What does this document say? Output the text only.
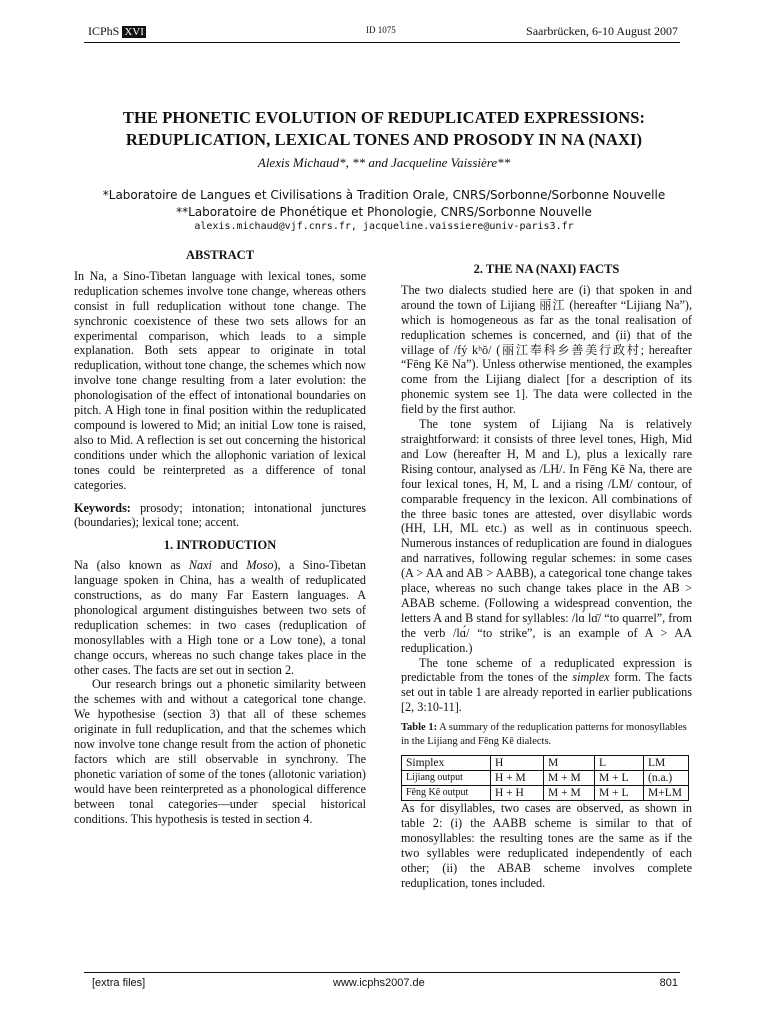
ICPhS XVI	ID 1075	Saarbrücken, 6-10 August 2007
THE PHONETIC EVOLUTION OF REDUPLICATED EXPRESSIONS:
REDUPLICATION, LEXICAL TONES AND PROSODY IN NA (NAXI)
Alexis Michaud*, ** and Jacqueline Vaissière**
*Laboratoire de Langues et Civilisations à Tradition Orale, CNRS/Sorbonne/Sorbonne Nouvelle
**Laboratoire de Phonétique et Phonologie, CNRS/Sorbonne Nouvelle
alexis.michaud@vjf.cnrs.fr, jacqueline.vaissiere@univ-paris3.fr

ABSTRACT

In Na, a Sino-Tibetan language with lexical tones, some reduplication schemes involve tone change, whereas others consist in full reduplication without tone change. The synchronic coexistence of these two sets allows for an experimental comparison, which leads to a simple explanation. Both sets appear to originate in total reduplication, without tone change, the schemes which now involve tone change resulting from a later evolution: the phonologisation of the effect of intonational boundaries on pitch. A High tone in final position within the reduplicated compound is lowered to Mid; an initial Low tone is raised, also to Mid. A reflection is set out concerning the historical conditions under which the allophonic variation of lexical tones could be reinterpreted as a difference of tonal categories.

Keywords: prosody; intonation; intonational junctures (boundaries); lexical tone; accent.

1. INTRODUCTION

Na (also known as Naxi and Moso), a Sino-Tibetan language spoken in China, has a wealth of reduplicated constructions, as do many Far Eastern languages. A phonological argument distinguishes between two sets of reduplication schemes: in two cases (reduplication of monosyllables with a High tone or a Low tone), a tonal change occurs, whereas no such change takes place in the other cases. The facts are set out in section 2.

Our research brings out a phonetic similarity between the schemes with and without a categorical tone change. We hypothesise (section 3) that all of these schemes originate in full reduplication, and that the schemes which now involve tone change result from the action of phonetic factors which are still observable in synchrony. The phonetic variation of some of the tones (allotonic variation) would have been reinterpreted as a phonological difference between tonal categories—under special historical conditions. This hypothesis is tested in section 4.

2. THE NA (NAXI) FACTS

The two dialects studied here are (i) that spoken in and around the town of Lijiang 丽江 (hereafter “Lijiang Na”), which is homogeneous as far as the tonal realisation of reduplication schemes is concerned, and (ii) that of the village of /fý kʰǒ/ (丽江奉科乡善美行政村; hereafter “Fēng Kē Na”). Unless otherwise mentioned, the examples come from the Lijiang dialect [for a description of its phonemic system see 1]. The data were collected in the field by the first author.

The tone system of Lijiang Na is relatively straightforward: it consists of three level tones, High, Mid and Low (hereafter H, M and L), plus a lexically rare Rising contour, analysed as /LH/. In Fēng Kē Na, there are four lexical tones, H, M, L and a rising /LM/ contour, of comparable frequency in the lexicon. All combinations of the three basic tones are attested, over disyllabic words (HH, LH, ML etc.) as well as in continuous speech. Numerous instances of reduplication are found in dialogues and narratives, following regular schemes: in some cases (A > AA and AB > AABB), a categorical tone change takes place, whereas no such change takes place in the AB > ABAB scheme. (Following a widespread convention, the letters A and B stand for syllables: /lɑ́ lɑ̄/ “to quarrel”, from the verb /lɑ́/ “to strike”, is an example of A > AA reduplication.)

The tone scheme of a reduplicated expression is predictable from the tones of the simplex form. The facts set out in table 1 are already reported in earlier publications [2, 3:10-11].

Table 1: A summary of the reduplication patterns for monosyllables in the Lijiang and Fēng Kē dialects.

Simplex	H	M	L	LM
Lijiang output	H + M	M + M	M + L	(n.a.)
Fēng Kē output	H + H	M + M	M + L	M+LM

As for disyllables, two cases are observed, as shown in table 2: (i) the AABB scheme is similar to that of monosyllables: the resulting tones are the same as if the two syllables were reduplicated independently of each other; (ii) the ABAB scheme involves complete reduplication, tones included.

[extra files]	www.icphs2007.de	801
